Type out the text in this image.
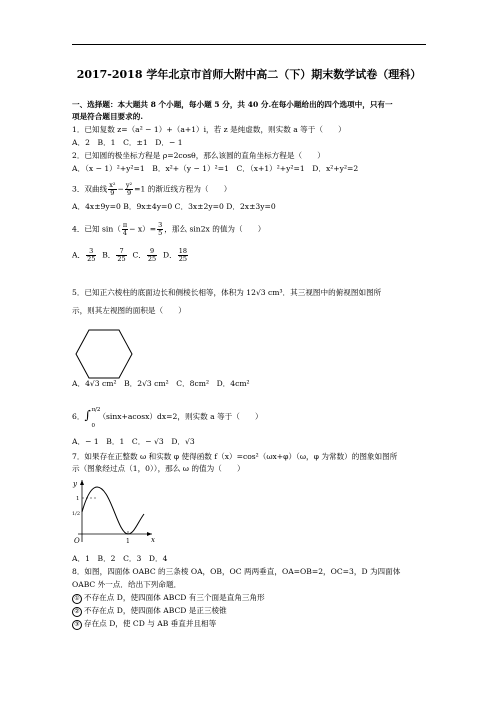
2017-2018 学年北京市首师大附中高二（下）期末数学试卷（理科）
一、选择题：本大题共 8 个小题，每小题 5 分，共 40 分.在每小题给出的四个选项中，只有一
项是符合题目要求的.
1．已知复数 z=（a² − 1）+（a+1）i，若 z 是纯虚数，则实数 a 等于（　　）
A．2　B．1　C．±1　D．− 1
2．已知圆的极坐标方程是 ρ=2cosθ，那么该圆的直角坐标方程是（　　）
A．（x − 1）²+y²=1　B．x²+（y − 1）²=1　C．（x+1）²+y²=1　D．x²+y²=2
3．双曲线 $\frac{\text{x²}}{9} - \frac{\text{y²}}{9} =1$ 的渐近线方程为（　　）
A．4x±9y=0 B．9x±4y=0 C．3x±2y=0 D．2x±3y=0
4．已知 $\sin( \frac{\pi}{4} - x)= \frac{3}{5}$ ，那么 sin2x 的值为（　　）
A． $\frac{3}{25}$ B． $\frac{7}{25}$ C． $\frac{9}{25}$ D． $\frac{18}{25}$
5．已知正六棱柱的底面边长和侧棱长相等，体积为 12√3 cm³．其三视图中的俯视图如图所
示，则其左视图的面积是（　　）
A．4√3 cm²　B．2√3 cm²　C．8cm²　D．4cm²
6． ∫ π/2
0
（sinx+acosx）dx=2，则实数 a 等于（　　）
A．− 1　B．1　C．− √3　D．√3
7．如果存在正整数 ω 和实数 φ 使得函数 f（x）=cos²（ωx+φ）（ω，φ 为常数）的图象如图所
示（图象经过点（1，0）），那么 ω 的值为（　　）
y
x
O	1
1
1/2
A．1　B．2　C．3　D．4
8．如图，四面体 OABC 的三条棱 OA，OB，OC 两两垂直，OA=OB=2，OC=3，D 为四面体
OABC 外一点．给出下列命题．
① 不存在点 D，使四面体 ABCD 有三个面是直角三角形
② 不存在点 D，使四面体 ABCD 是正三棱锥
③ 存在点 D，使 CD 与 AB 垂直并且相等
